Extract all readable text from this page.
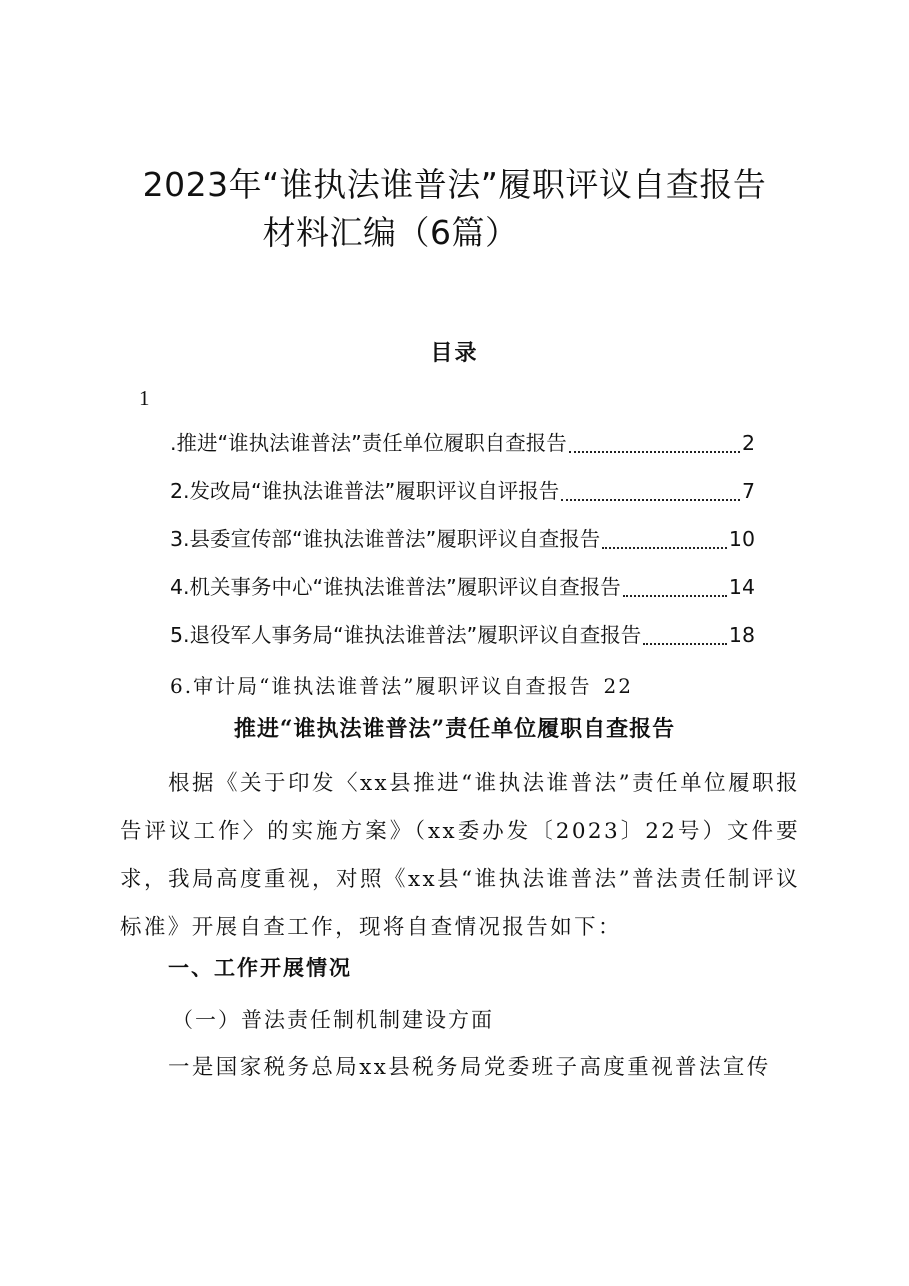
2023年“谁执法谁普法”履职评议自查报告
材料汇编（6篇）
目录
1
.推进“谁执法谁普法”责任单位履职自查报告	2
2.发改局“谁执法谁普法”履职评议自评报告	7
3.县委宣传部“谁执法谁普法”履职评议自查报告	10
4.机关事务中心“谁执法谁普法”履职评议自查报告	14
5.退役军人事务局“谁执法谁普法”履职评议自查报告	18
6.审计局“谁执法谁普法”履职评议自查报告 22
推进“谁执法谁普法”责任单位履职自查报告
根据《关于印发〈xx县推进“谁执法谁普法”责任单位履职报告评议工作〉的实施方案》（xx委办发〔2023〕22号）文件要求，我局高度重视，对照《xx县“谁执法谁普法”普法责任制评议标准》开展自查工作，现将自查情况报告如下：
一、工作开展情况
（一）普法责任制机制建设方面
一是国家税务总局xx县税务局党委班子高度重视普法宣传
